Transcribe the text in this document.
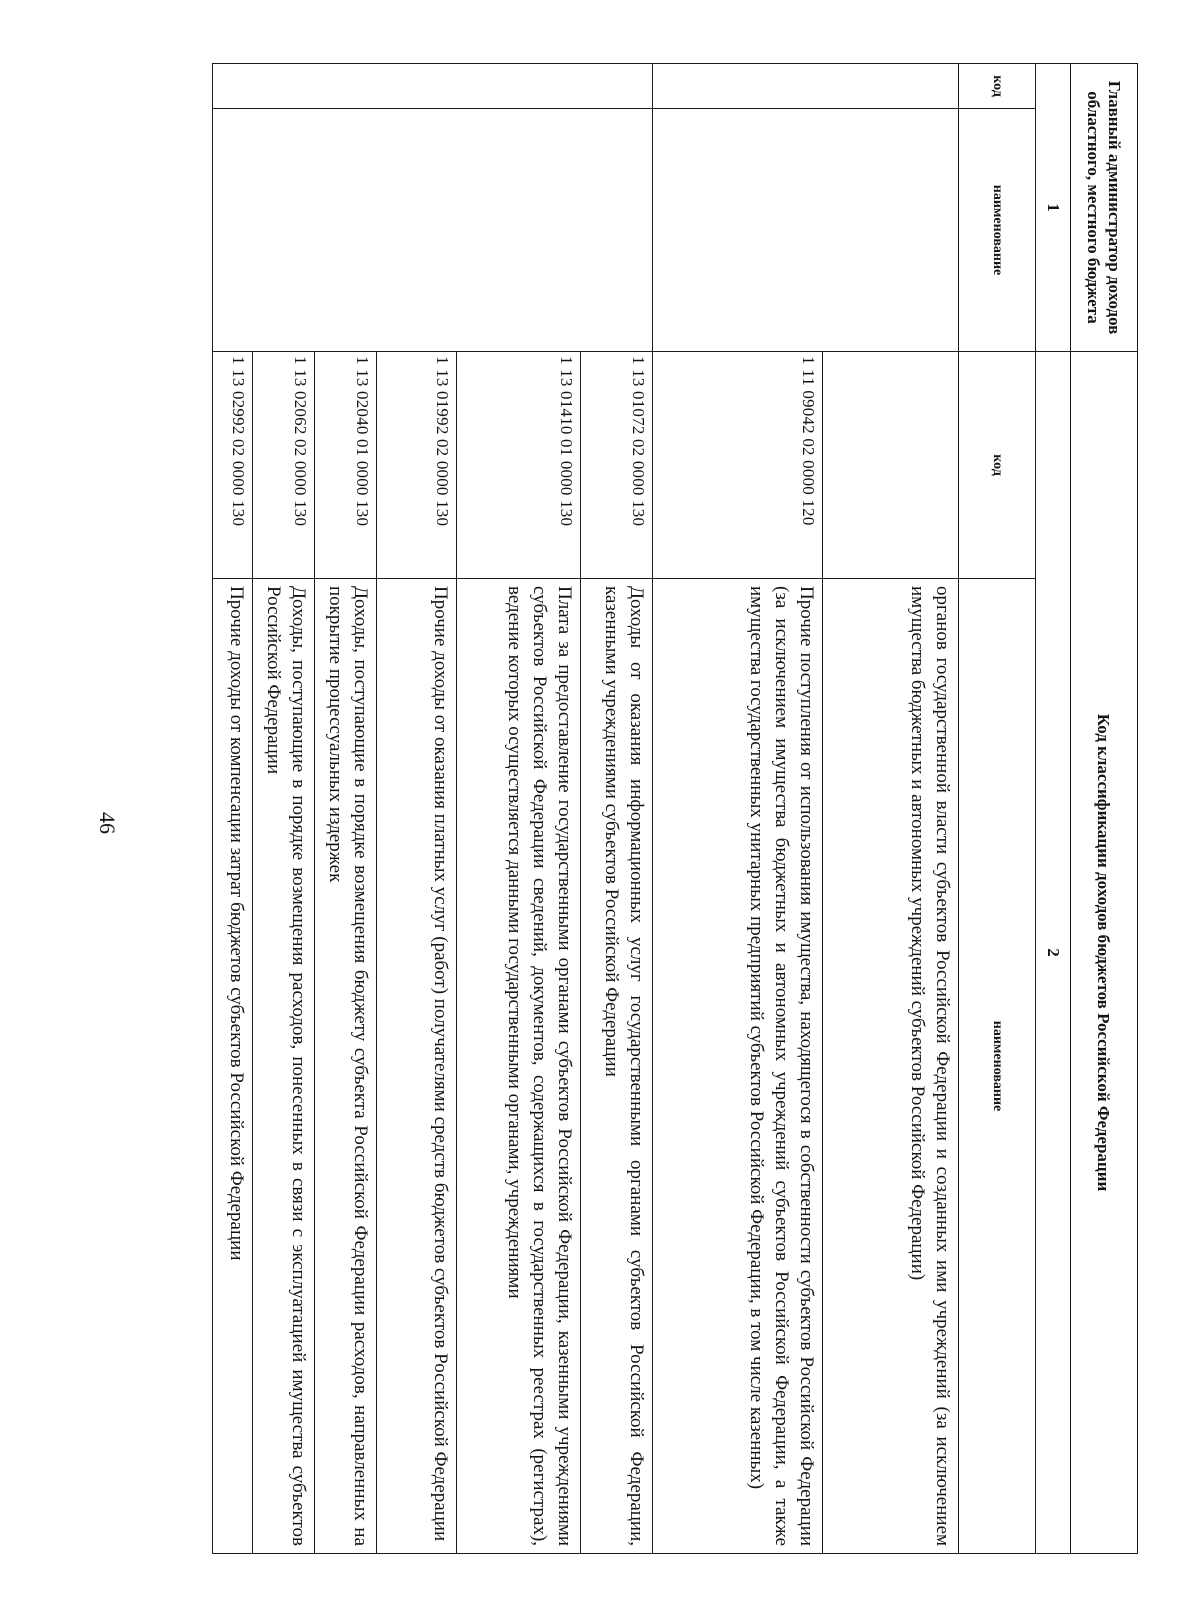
46
Главный администратор доходов областного, местного бюджета		Код классификации доходов бюджетов Российской Федерации	
1		2	
код	наименование	код	наименование
			органов государственной власти субъектов Российской Федерации и созданных ими учреждений (за исключением имущества бюджетных и автономных учреждений субъектов Российской Федерации)
		1 11 09042 02 0000 120	Прочие поступления от использования имущества, находящегося в собственности субъектов Российской Федерации (за исключением имущества бюджетных и автономных учреждений субъектов Российской Федерации, а также имущества государственных унитарных предприятий субъектов Российской Федерации, в том числе казенных)
		1 13 01072 02 0000 130	Доходы от оказания информационных услуг государственными органами субъектов Российской Федерации, казенными учреждениями субъектов Российской Федерации
		1 13 01410 01 0000 130	Плата за предоставление государственными органами субъектов Российской Федерации, казенными учреждениями субъектов Российской Федерации сведений, документов, содержащихся в государственных реестрах (регистрах), ведение которых осуществляется данными государственными органами, учреждениями
		1 13 01992 02 0000 130	Прочие доходы от оказания платных услуг (работ) получателями средств бюджетов субъектов Российской Федерации
		1 13 02040 01 0000 130	Доходы, поступающие в порядке возмещения бюджету субъекта Российской Федерации расходов, направленных на покрытие процессуальных издержек
		1 13 02062 02 0000 130	Доходы, поступающие в порядке возмещения расходов, понесенных в связи с эксплуатацией имущества субъектов Российской Федерации
		1 13 02992 02 0000 130	Прочие доходы от компенсации затрат бюджетов субъектов Российской Федерации
